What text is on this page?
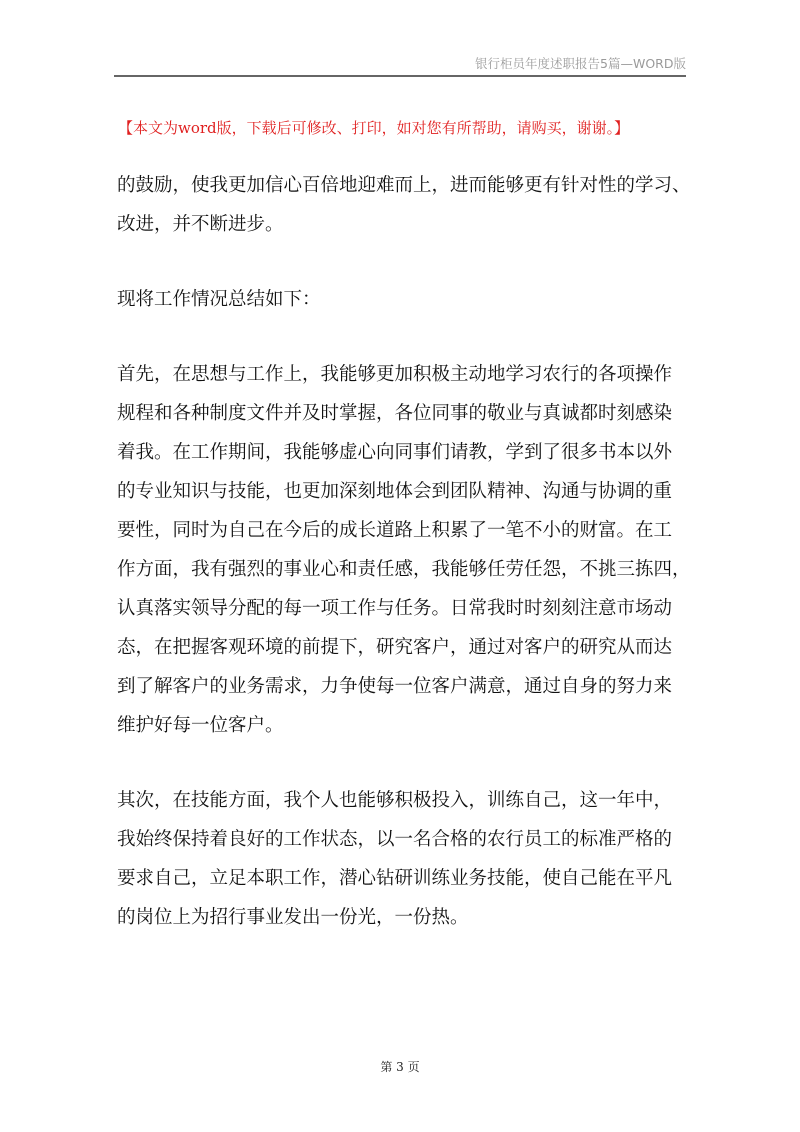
银行柜员年度述职报告5篇—WORD版
【本文为word版，下载后可修改、打印，如对您有所帮助，请购买，谢谢。】
的鼓励，使我更加信心百倍地迎难而上，进而能够更有针对性的学习、
改进，并不断进步。
现将工作情况总结如下：
首先，在思想与工作上，我能够更加积极主动地学习农行的各项操作
规程和各种制度文件并及时掌握，各位同事的敬业与真诚都时刻感染
着我。在工作期间，我能够虚心向同事们请教，学到了很多书本以外
的专业知识与技能，也更加深刻地体会到团队精神、沟通与协调的重
要性，同时为自己在今后的成长道路上积累了一笔不小的财富。在工
作方面，我有强烈的事业心和责任感，我能够任劳任怨，不挑三拣四，
认真落实领导分配的每一项工作与任务。日常我时时刻刻注意市场动
态，在把握客观环境的前提下，研究客户，通过对客户的研究从而达
到了解客户的业务需求，力争使每一位客户满意，通过自身的努力来
维护好每一位客户。
其次，在技能方面，我个人也能够积极投入，训练自己，这一年中，
我始终保持着良好的工作状态，以一名合格的农行员工的标准严格的
要求自己，立足本职工作，潜心钻研训练业务技能，使自己能在平凡
的岗位上为招行事业发出一份光，一份热。
第 3 页
